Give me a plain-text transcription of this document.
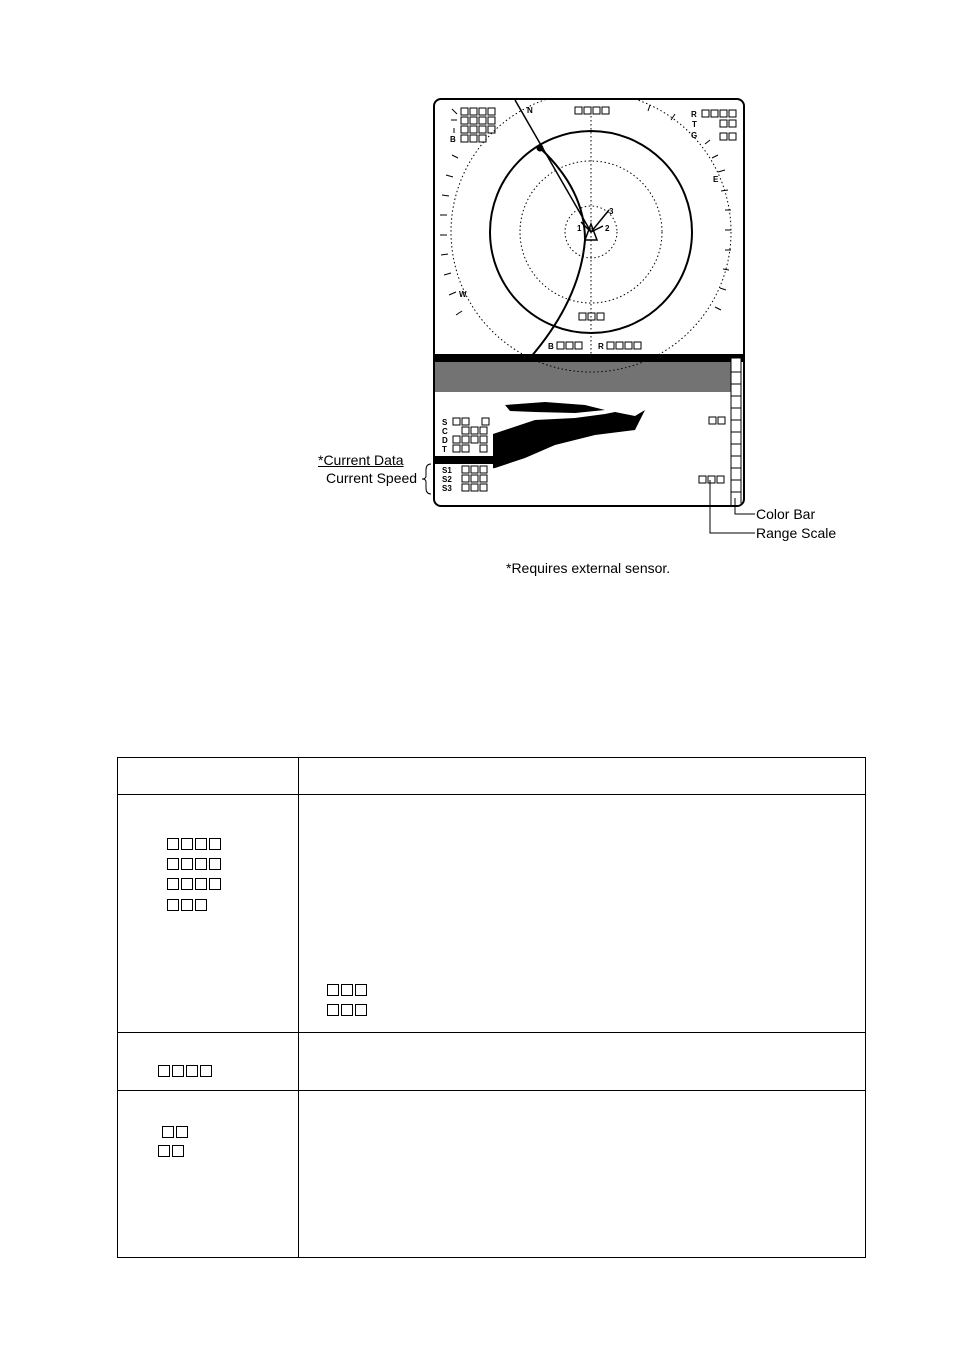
N
E
W
R
T
G
1	2
3
B
B	R
S
C
D
T
S1
S2
S3
*Current Data
Current Speed
Color Bar
Range Scale
*Requires external sensor.
